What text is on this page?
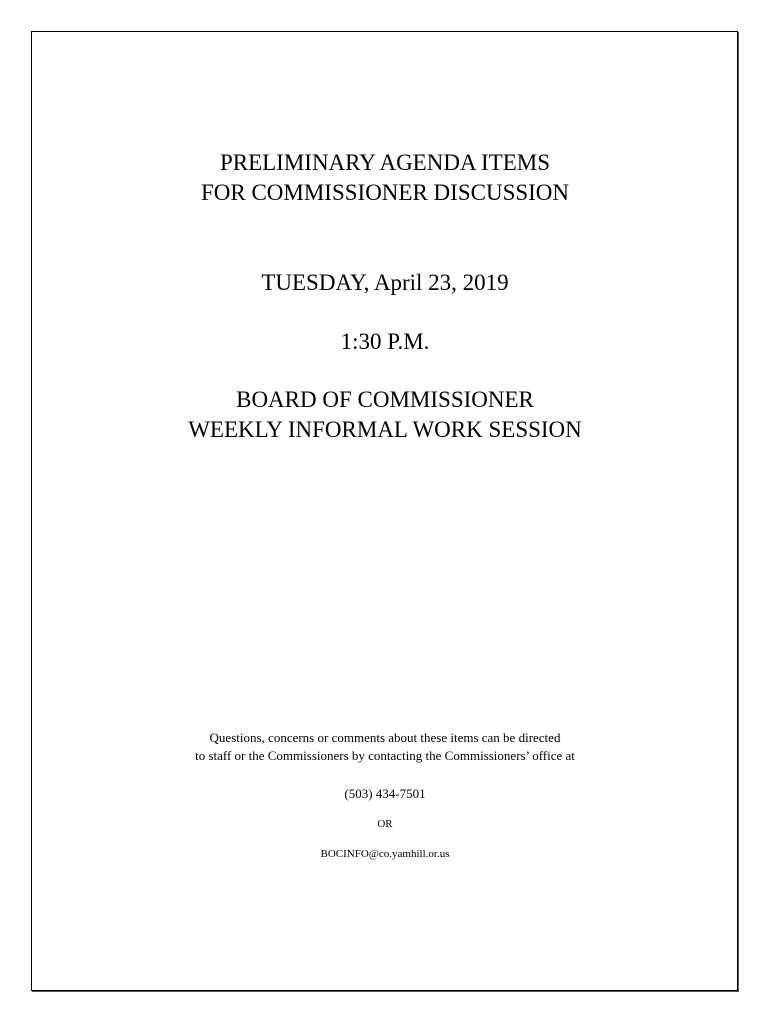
PRELIMINARY AGENDA ITEMS

FOR COMMISSIONER DISCUSSION

TUESDAY, April 23, 2019

1:30 P.M.

BOARD OF COMMISSIONER

WEEKLY INFORMAL WORK SESSION

Questions, concerns or comments about these items can be directed

to staff or the Commissioners by contacting the Commissioners’ office at

(503) 434-7501

OR

BOCINFO@co.yamhill.or.us
